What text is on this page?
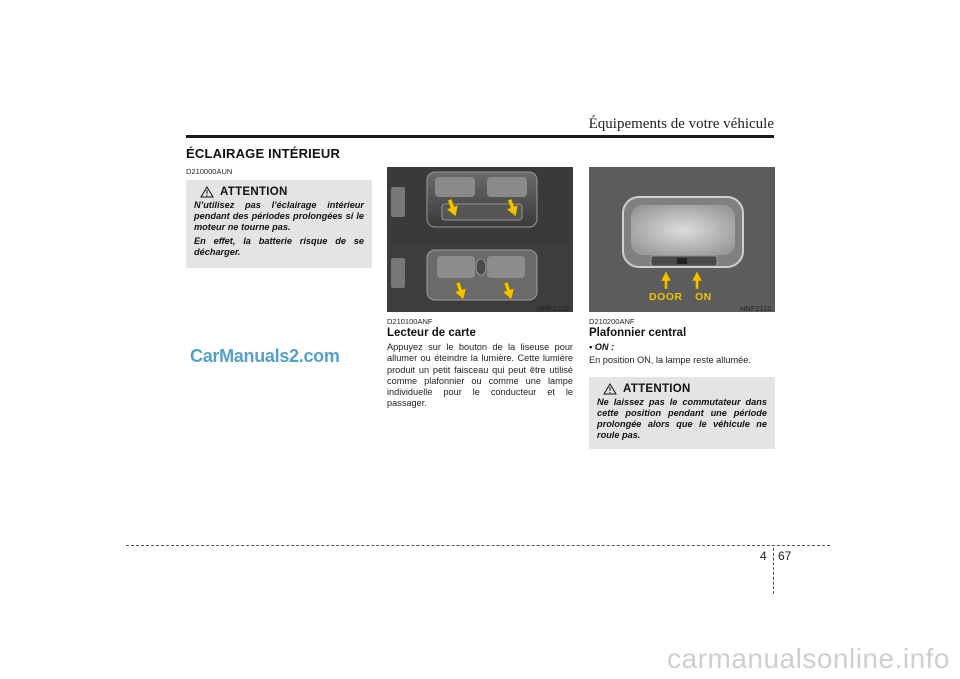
Équipements de votre véhicule
ÉCLAIRAGE INTÉRIEUR
D210000AUN
ATTENTION

N’utilisez pas l’éclairage intérieur pendant des périodes prolongées si le moteur ne tourne pas.

En effet, la batterie risque de se décharger.

HNF2109
DOOR ON
HNF2110
D210100ANF
Lecteur de carte
Appuyez sur le bouton de la liseuse pour allumer ou éteindre la lumière. Cette lumière produit un petit faisceau qui peut être utilisé comme plafonnier ou comme une lampe individuelle pour le conducteur et le passager.
D210200ANF
Plafonnier central
• ON :
En position ON, la lampe reste allumée.
ATTENTION
Ne laissez pas le commutateur dans cette position pendant une période prolongée alors que le véhicule ne roule pas.
CarManuals2.com
4 67
carmanualsonline.info
